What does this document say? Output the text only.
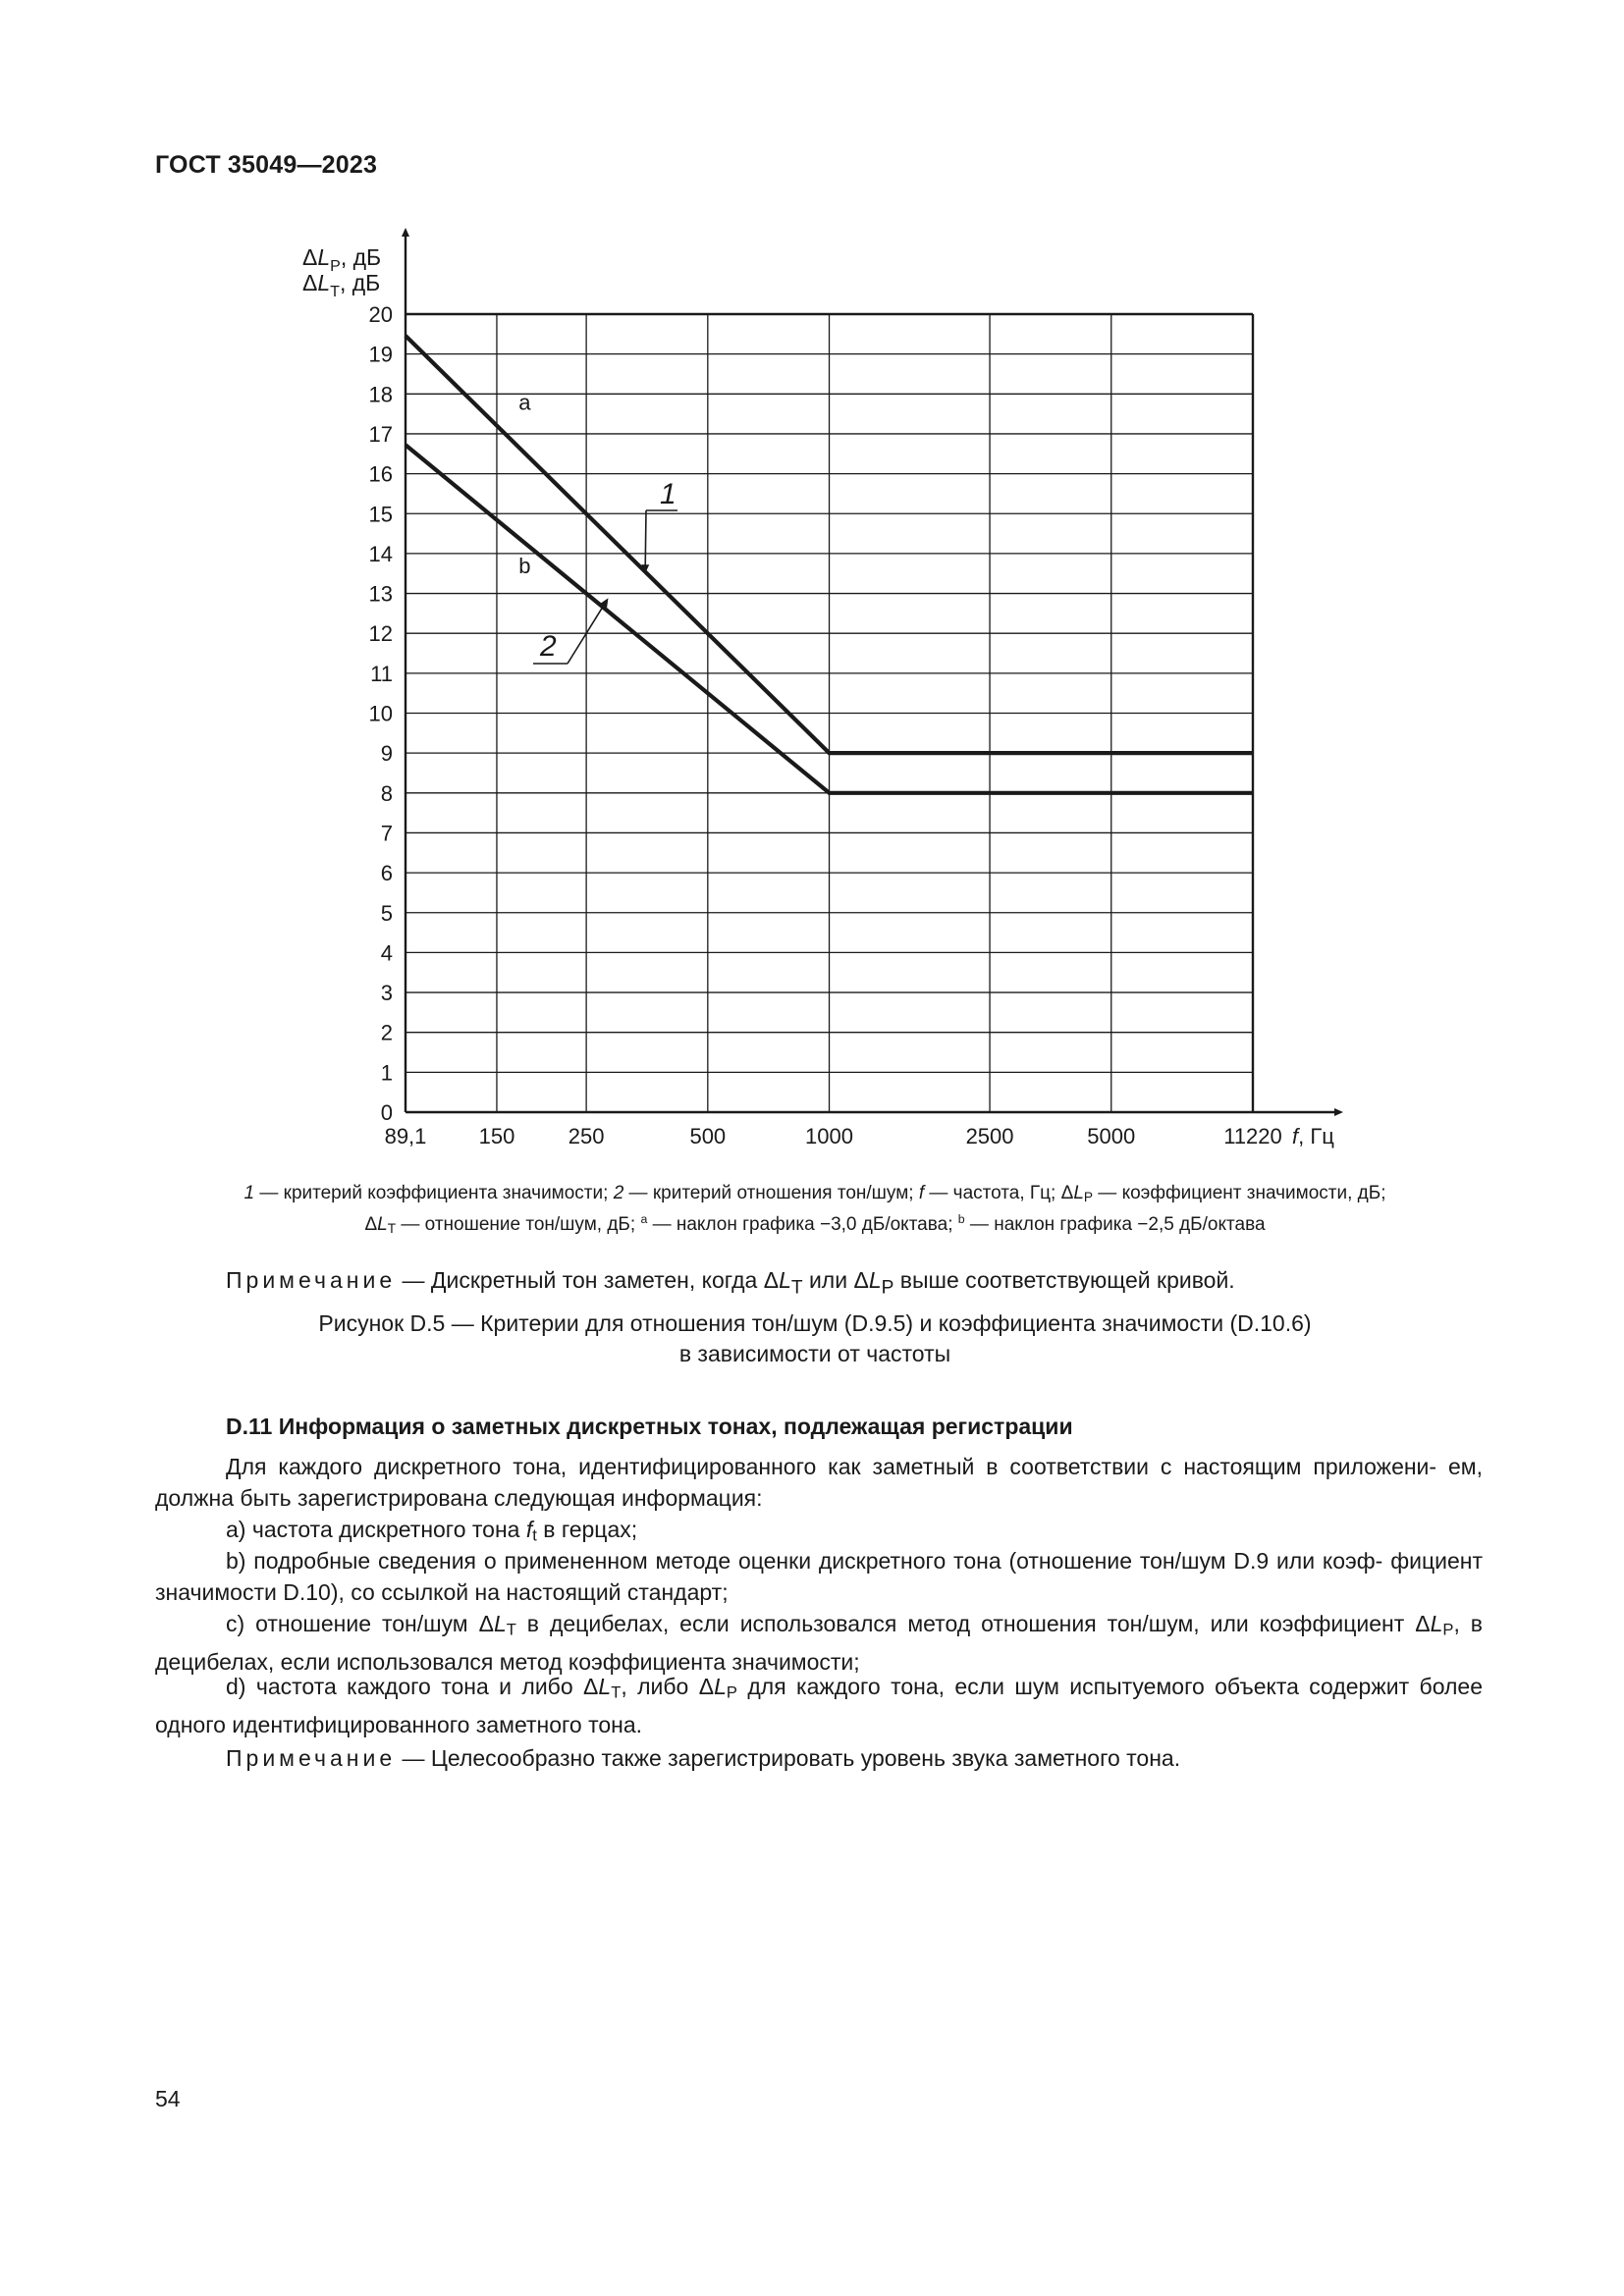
ГОСТ 35049—2023
0
1
2
3
4
5
6
7
8
9
10
11
12
13
14
15
16
17
18
19
20
89,1 150 250	500	1000	2500	5000	11220
1
2
a
b
$\Delta L_P$, дБ
$\Delta L_T$, дБ
f, Гц
1 — критерий коэффициента значимости; 2 — критерий отношения тон/шум; f — частота, Гц; $\Delta L_P$ — коэффициент значимости, дБ;
$\Delta L_T$ — отношение тон/шум, дБ; $^а$ — наклон графика −3,0 дБ/октава; $^b$ — наклон графика −2,5 дБ/октава
Примечание — Дискретный тон заметен, когда $\Delta L_T$ или $\Delta L_P$ выше соответствующей кривой.
Рисунок D.5 — Критерии для отношения тон/шум (D.9.5) и коэффициента значимости (D.10.6)
в зависимости от частоты
D.11 Информация о заметных дискретных тонах, подлежащая регистрации
Для каждого дискретного тона, идентифицированного как заметный в соответствии с настоящим приложени- ем, должна быть зарегистрирована следующая информация:
а) частота дискретного тона $f_t$ в герцах;
b) подробные сведения о примененном методе оценки дискретного тона (отношение тон/шум D.9 или коэф- фициент значимости D.10), со ссылкой на настоящий стандарт;
с) отношение тон/шум $\Delta L_T$ в децибелах, если использовался метод отношения тон/шум, или коэффициент $\Delta L_P$, в децибелах, если использовался метод коэффициента значимости;
d) частота каждого тона и либо $\Delta L_T$, либо $\Delta L_P$ для каждого тона, если шум испытуемого объекта содержит более одного идентифицированного заметного тона.
Примечание — Целесообразно также зарегистрировать уровень звука заметного тона.
54
